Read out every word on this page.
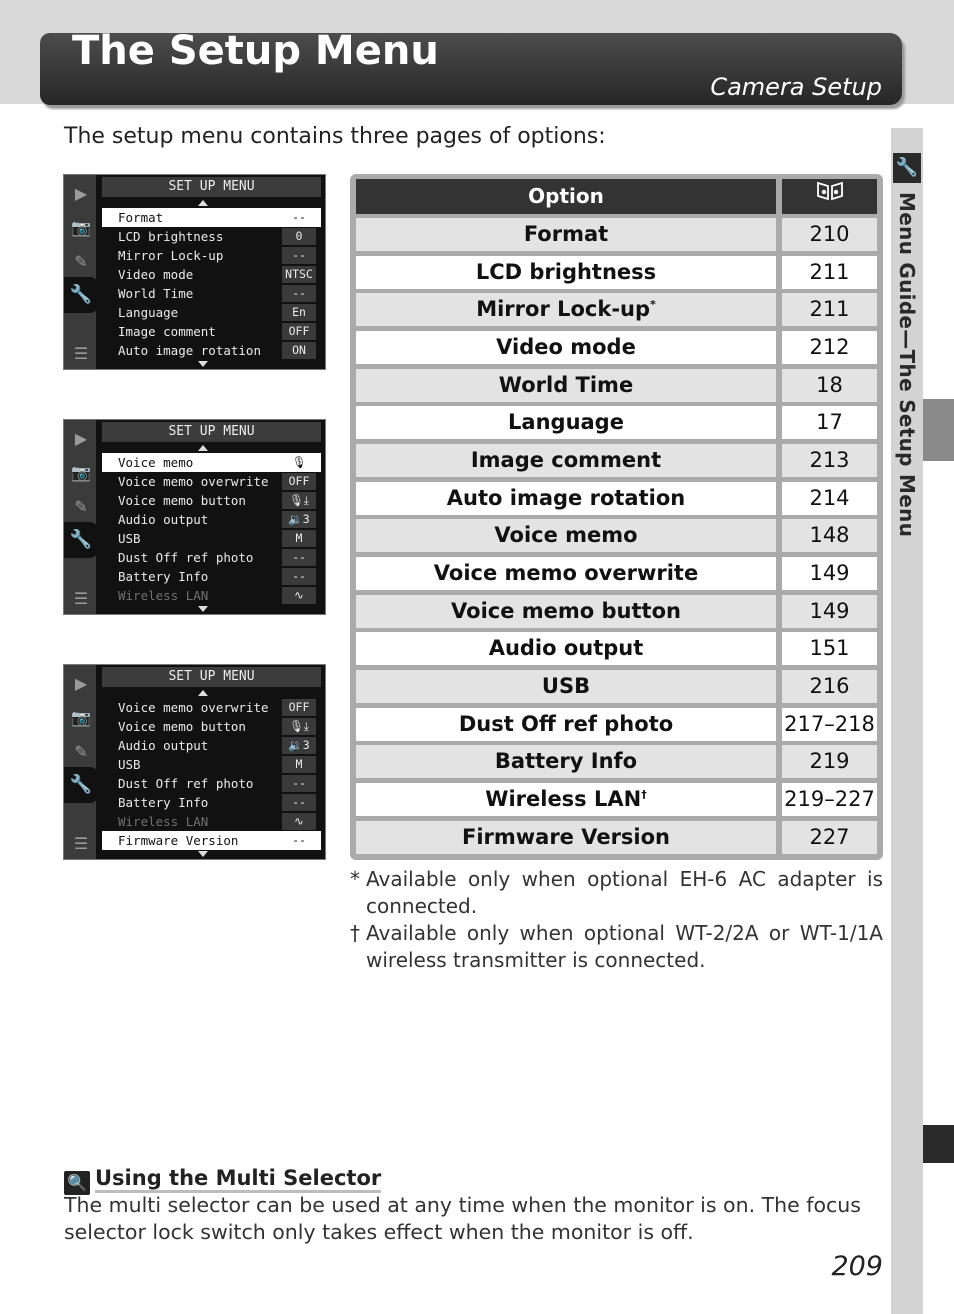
The Setup Menu
Camera Setup
🔧
Menu Guide—The Setup Menu
The setup menu contains three pages of options:
▶
📷
✎
🔧
☰
SET UP MENU
Format	--
LCD brightness	0
Mirror Lock-up	--
Video mode	NTSC
World Time	--
Language	En
Image comment	OFF
Auto image rotation	ON
▶
📷
✎
🔧
☰
SET UP MENU
Voice memo	🎙
Voice memo overwrite	OFF
Voice memo button	🎙⤓
Audio output	🔉3
USB	M
Dust Off ref photo	--
Battery Info	--
Wireless LAN	∿
▶
📷
✎
🔧
☰
SET UP MENU
Voice memo overwrite	OFF
Voice memo button	🎙⤓
Audio output	🔉3
USB	M
Dust Off ref photo	--
Battery Info	--
Wireless LAN	∿
Firmware Version	--
Option
Format	210
LCD brightness	211
Mirror Lock-up*	211
Video mode	212
World Time	18
Language	17
Image comment	213
Auto image rotation	214
Voice memo	148
Voice memo overwrite	149
Voice memo button	149
Audio output	151
USB	216
Dust Off ref photo	217–218
Battery Info	219
Wireless LAN†	219–227
Firmware Version	227
* Available only when optional EH-6 AC adapter is connected.
† Available only when optional WT-2/2A or WT-1/1A wireless transmitter is connected.
🔍 Using the Multi Selector
The multi selector can be used at any time when the monitor is on. The focus selector lock switch only takes effect when the monitor is off.
209
